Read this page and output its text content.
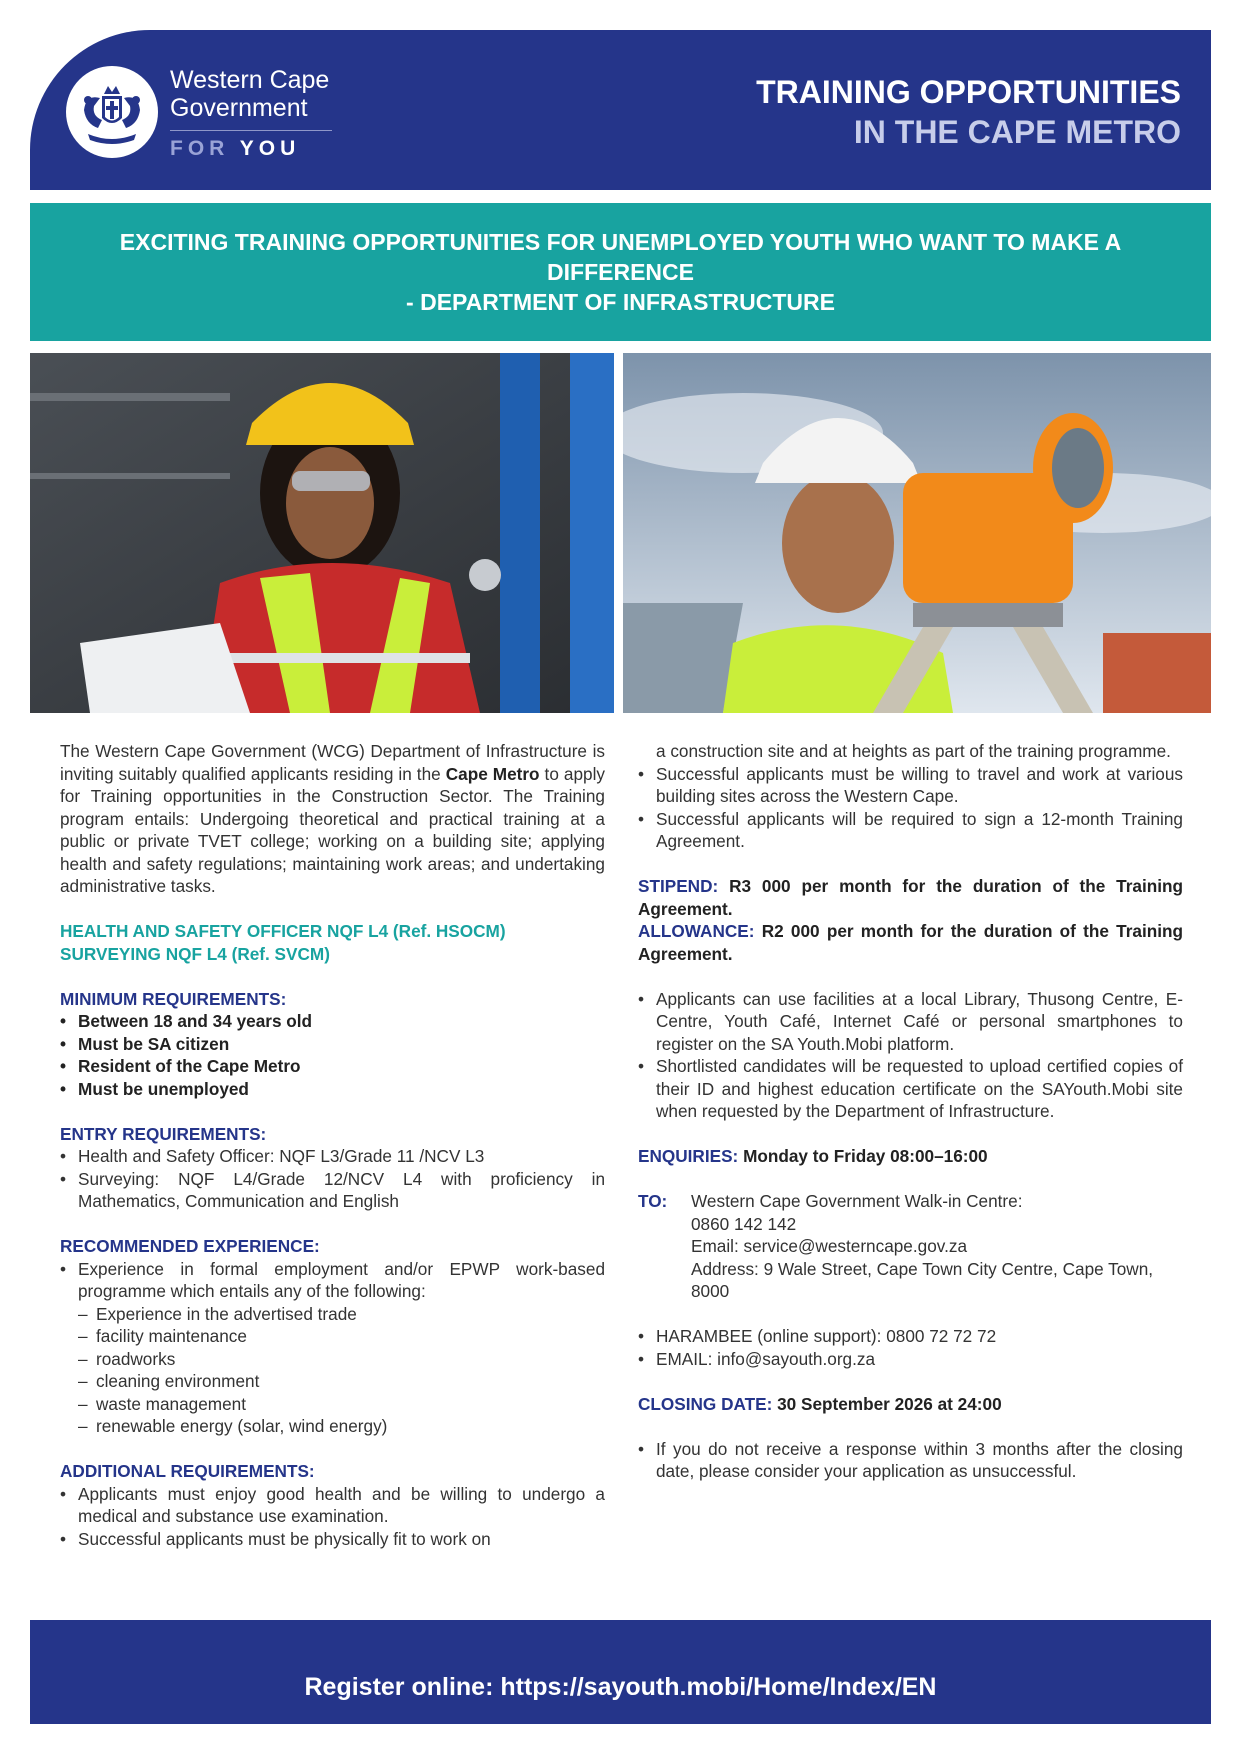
Western Cape
Government
FOR YOU
TRAINING OPPORTUNITIES
IN THE CAPE METRO
EXCITING TRAINING OPPORTUNITIES FOR UNEMPLOYED YOUTH WHO WANT TO MAKE A DIFFERENCE
- DEPARTMENT OF INFRASTRUCTURE

The Western Cape Government (WCG) Department of Infrastructure is inviting suitably qualified applicants residing in the Cape Metro to apply for Training opportunities in the Construction Sector. The Training program entails: Undergoing theoretical and practical training at a public or private TVET college; working on a building site; applying health and safety regulations; maintaining work areas; and undertaking administrative tasks.

HEALTH AND SAFETY OFFICER NQF L4 (Ref. HSOCM)

SURVEYING NQF L4 (Ref. SVCM)

MINIMUM REQUIREMENTS:

• Between 18 and 34 years old
• Must be SA citizen
• Resident of the Cape Metro
• Must be unemployed

ENTRY REQUIREMENTS:

• Health and Safety Officer: NQF L3/Grade 11 /NCV L3
• Surveying: NQF L4/Grade 12/NCV L4 with proficiency in Mathematics, Communication and English

RECOMMENDED EXPERIENCE:

• Experience in formal employment and/or EPWP work-based programme which entails any of the following:
– Experience in the advertised trade
– facility maintenance
– roadworks
– cleaning environment
– waste management
– renewable energy (solar, wind energy)

ADDITIONAL REQUIREMENTS:

• Applicants must enjoy good health and be willing to undergo a medical and substance use examination.
• Successful applicants must be physically fit to work on
a construction site and at heights as part of the training programme.
• Successful applicants must be willing to travel and work at various building sites across the Western Cape.
• Successful applicants will be required to sign a 12-month Training Agreement.

STIPEND: R3 000 per month for the duration of the Training Agreement.

ALLOWANCE: R2 000 per month for the duration of the Training Agreement.

• Applicants can use facilities at a local Library, Thusong Centre, E-Centre, Youth Café, Internet Café or personal smartphones to register on the SA Youth.Mobi platform.
• Shortlisted candidates will be requested to upload certified copies of their ID and highest education certificate on the SAYouth.Mobi site when requested by the Department of Infrastructure.

ENQUIRIES: Monday to Friday 08:00–16:00

TO:	Western Cape Government Walk-in Centre:
0860 142 142
Email: service@westerncape.gov.za
Address: 9 Wale Street, Cape Town City Centre, Cape Town, 8000
• HARAMBEE (online support): 0800 72 72 72
• EMAIL: info@sayouth.org.za

CLOSING DATE: 30 September 2026 at 24:00

• If you do not receive a response within 3 months after the closing date, please consider your application as unsuccessful.
Register online: https://sayouth.mobi/Home/Index/EN
